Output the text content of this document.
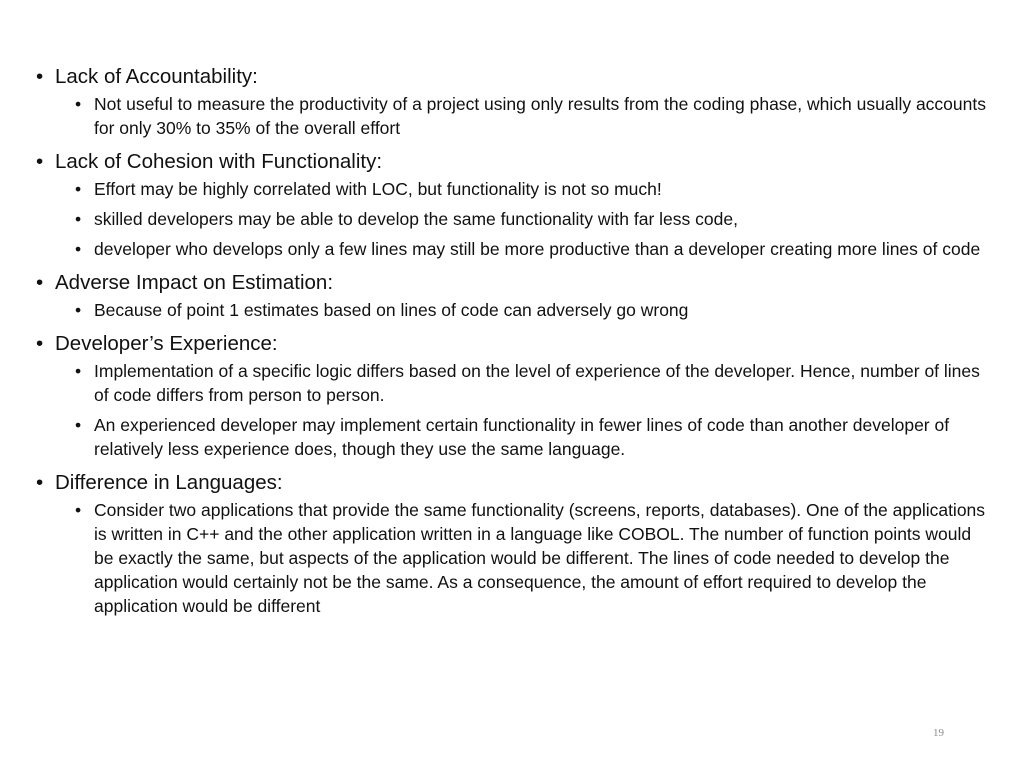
• Lack of Accountability:
• Not useful to measure the productivity of a project using only results from the coding phase, which usually accounts for only 30% to 35% of the overall effort
• Lack of Cohesion with Functionality:
• Effort may be highly correlated with LOC, but functionality is not so much!
• skilled developers may be able to develop the same functionality with far less code,
• developer who develops only a few lines may still be more productive than a developer creating more lines of code
• Adverse Impact on Estimation:
• Because of point 1 estimates based on lines of code can adversely go wrong
• Developer’s Experience:
• Implementation of a specific logic differs based on the level of experience of the developer. Hence, number of lines of code differs from person to person.
• An experienced developer may implement certain functionality in fewer lines of code than another developer of relatively less experience does, though they use the same language.
• Difference in Languages:
• Consider two applications that provide the same functionality (screens, reports, databases). One of the applications is written in C++ and the other application written in a language like COBOL. The number of function points would be exactly the same, but aspects of the application would be different. The lines of code needed to develop the application would certainly not be the same. As a consequence, the amount of effort required to develop the application would be different
19
